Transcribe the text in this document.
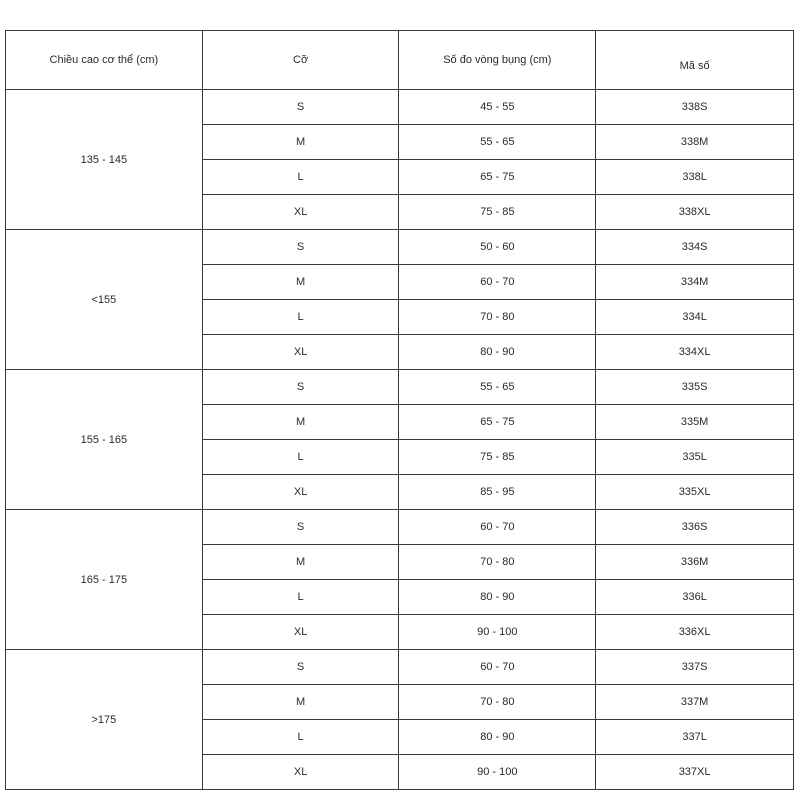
Chiều cao cơ thể (cm)	Cỡ	Số đo vòng bụng (cm)	Mã số
135 - 145	S	45 - 55	338S
	M	55 - 65	338M
	L	65 - 75	338L
	XL	75 - 85	338XL
<155	S	50 - 60	334S
	M	60 - 70	334M
	L	70 - 80	334L
	XL	80 - 90	334XL
155 - 165	S	55 - 65	335S
	M	65 - 75	335M
	L	75 - 85	335L
	XL	85 - 95	335XL
165 - 175	S	60 - 70	336S
	M	70 - 80	336M
	L	80 - 90	336L
	XL	90 - 100	336XL
>175	S	60 - 70	337S
	M	70 - 80	337M
	L	80 - 90	337L
	XL	90 - 100	337XL
